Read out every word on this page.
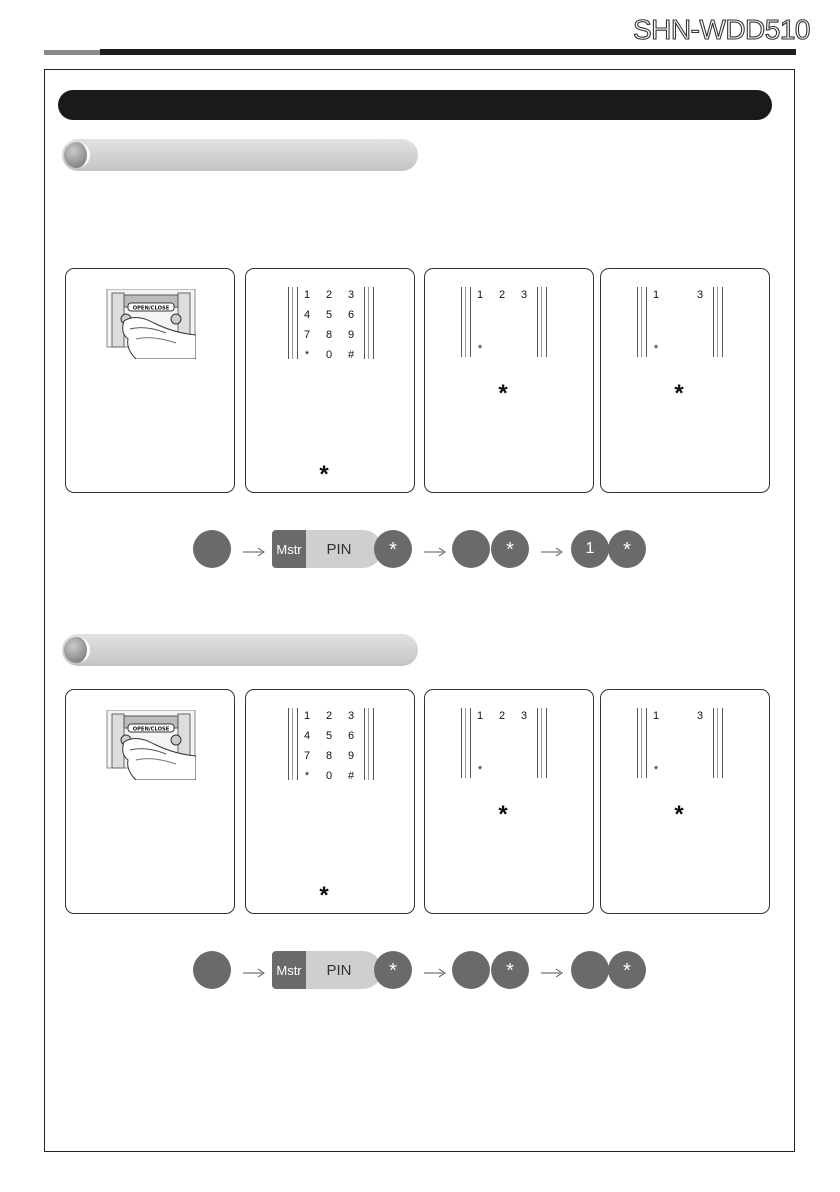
SHN-WDD510
OPEN/CLOSE
1	2	3
4	5	6
7	8	9
*	0	#
*
1	2	3
*
*
1	3
*
*
Mstr	PIN	*	*	1	*
OPEN/CLOSE
1	2	3
4	5	6
7	8	9
*	0	#
*
1	2	3
*
*
1	3
*
*
Mstr	PIN	*	*	*
